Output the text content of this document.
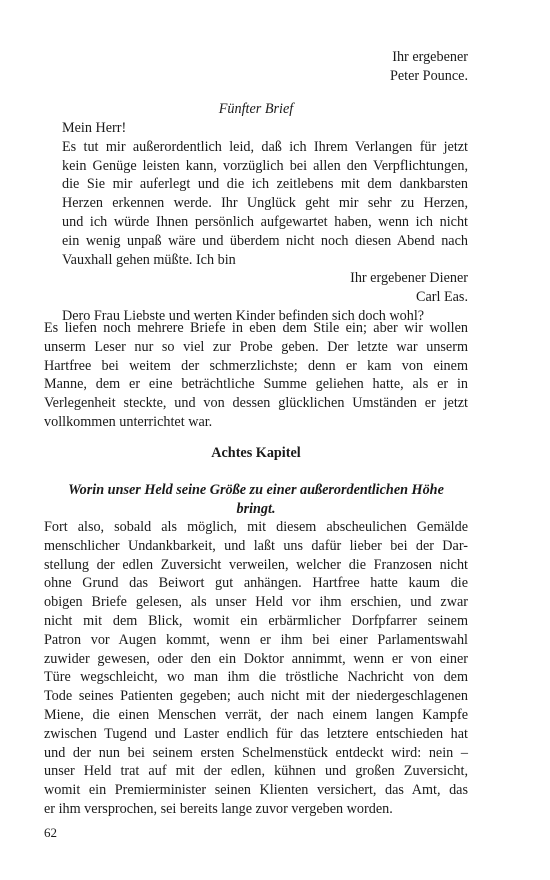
Ihr ergebener
Peter Pounce.
Fünfter Brief
Mein Herr!
Es tut mir außerordentlich leid, daß ich Ihrem Verlangen für jetzt
kein Genüge leisten kann, vorzüglich bei allen den Verpflichtungen,
die Sie mir auferlegt und die ich zeitlebens mit dem dankbarsten
Herzen erkennen werde. Ihr Unglück geht mir sehr zu Herzen,
und ich würde Ihnen persönlich aufgewartet haben, wenn ich nicht
ein wenig unpaß wäre und überdem nicht noch diesen Abend nach
Vauxhall gehen müßte. Ich bin
Ihr ergebener Diener
Carl Eas.
Dero Frau Liebste und werten Kinder befinden sich doch wohl?
Es liefen noch mehrere Briefe in eben dem Stile ein; aber wir wollen
unserm Leser nur so viel zur Probe geben. Der letzte war unserm
Hartfree bei weitem der schmerzlichste; denn er kam von einem
Manne, dem er eine beträchtliche Summe geliehen hatte, als er in
Verlegenheit steckte, und von dessen glücklichen Umständen er jetzt
vollkommen unterrichtet war.
Achtes Kapitel
Worin unser Held seine Größe zu einer außerordentlichen Höhe
bringt.
Fort also, sobald als möglich, mit diesem abscheulichen Gemälde
menschlicher Undankbarkeit, und laßt uns dafür lieber bei der Dar-
stellung der edlen Zuversicht verweilen, welcher die Franzosen nicht
ohne Grund das Beiwort gut anhängen. Hartfree hatte kaum die
obigen Briefe gelesen, als unser Held vor ihm erschien, und zwar
nicht mit dem Blick, womit ein erbärmlicher Dorfpfarrer seinem
Patron vor Augen kommt, wenn er ihm bei einer Parlamentswahl
zuwider gewesen, oder den ein Doktor annimmt, wenn er von einer
Türe wegschleicht, wo man ihm die tröstliche Nachricht von dem
Tode seines Patienten gegeben; auch nicht mit der niedergeschlagenen
Miene, die einen Menschen verrät, der nach einem langen Kampfe
zwischen Tugend und Laster endlich für das letztere entschieden hat
und der nun bei seinem ersten Schelmenstück entdeckt wird: nein –
unser Held trat auf mit der edlen, kühnen und großen Zuversicht,
womit ein Premierminister seinen Klienten versichert, das Amt, das
er ihm versprochen, sei bereits lange zuvor vergeben worden.
62
